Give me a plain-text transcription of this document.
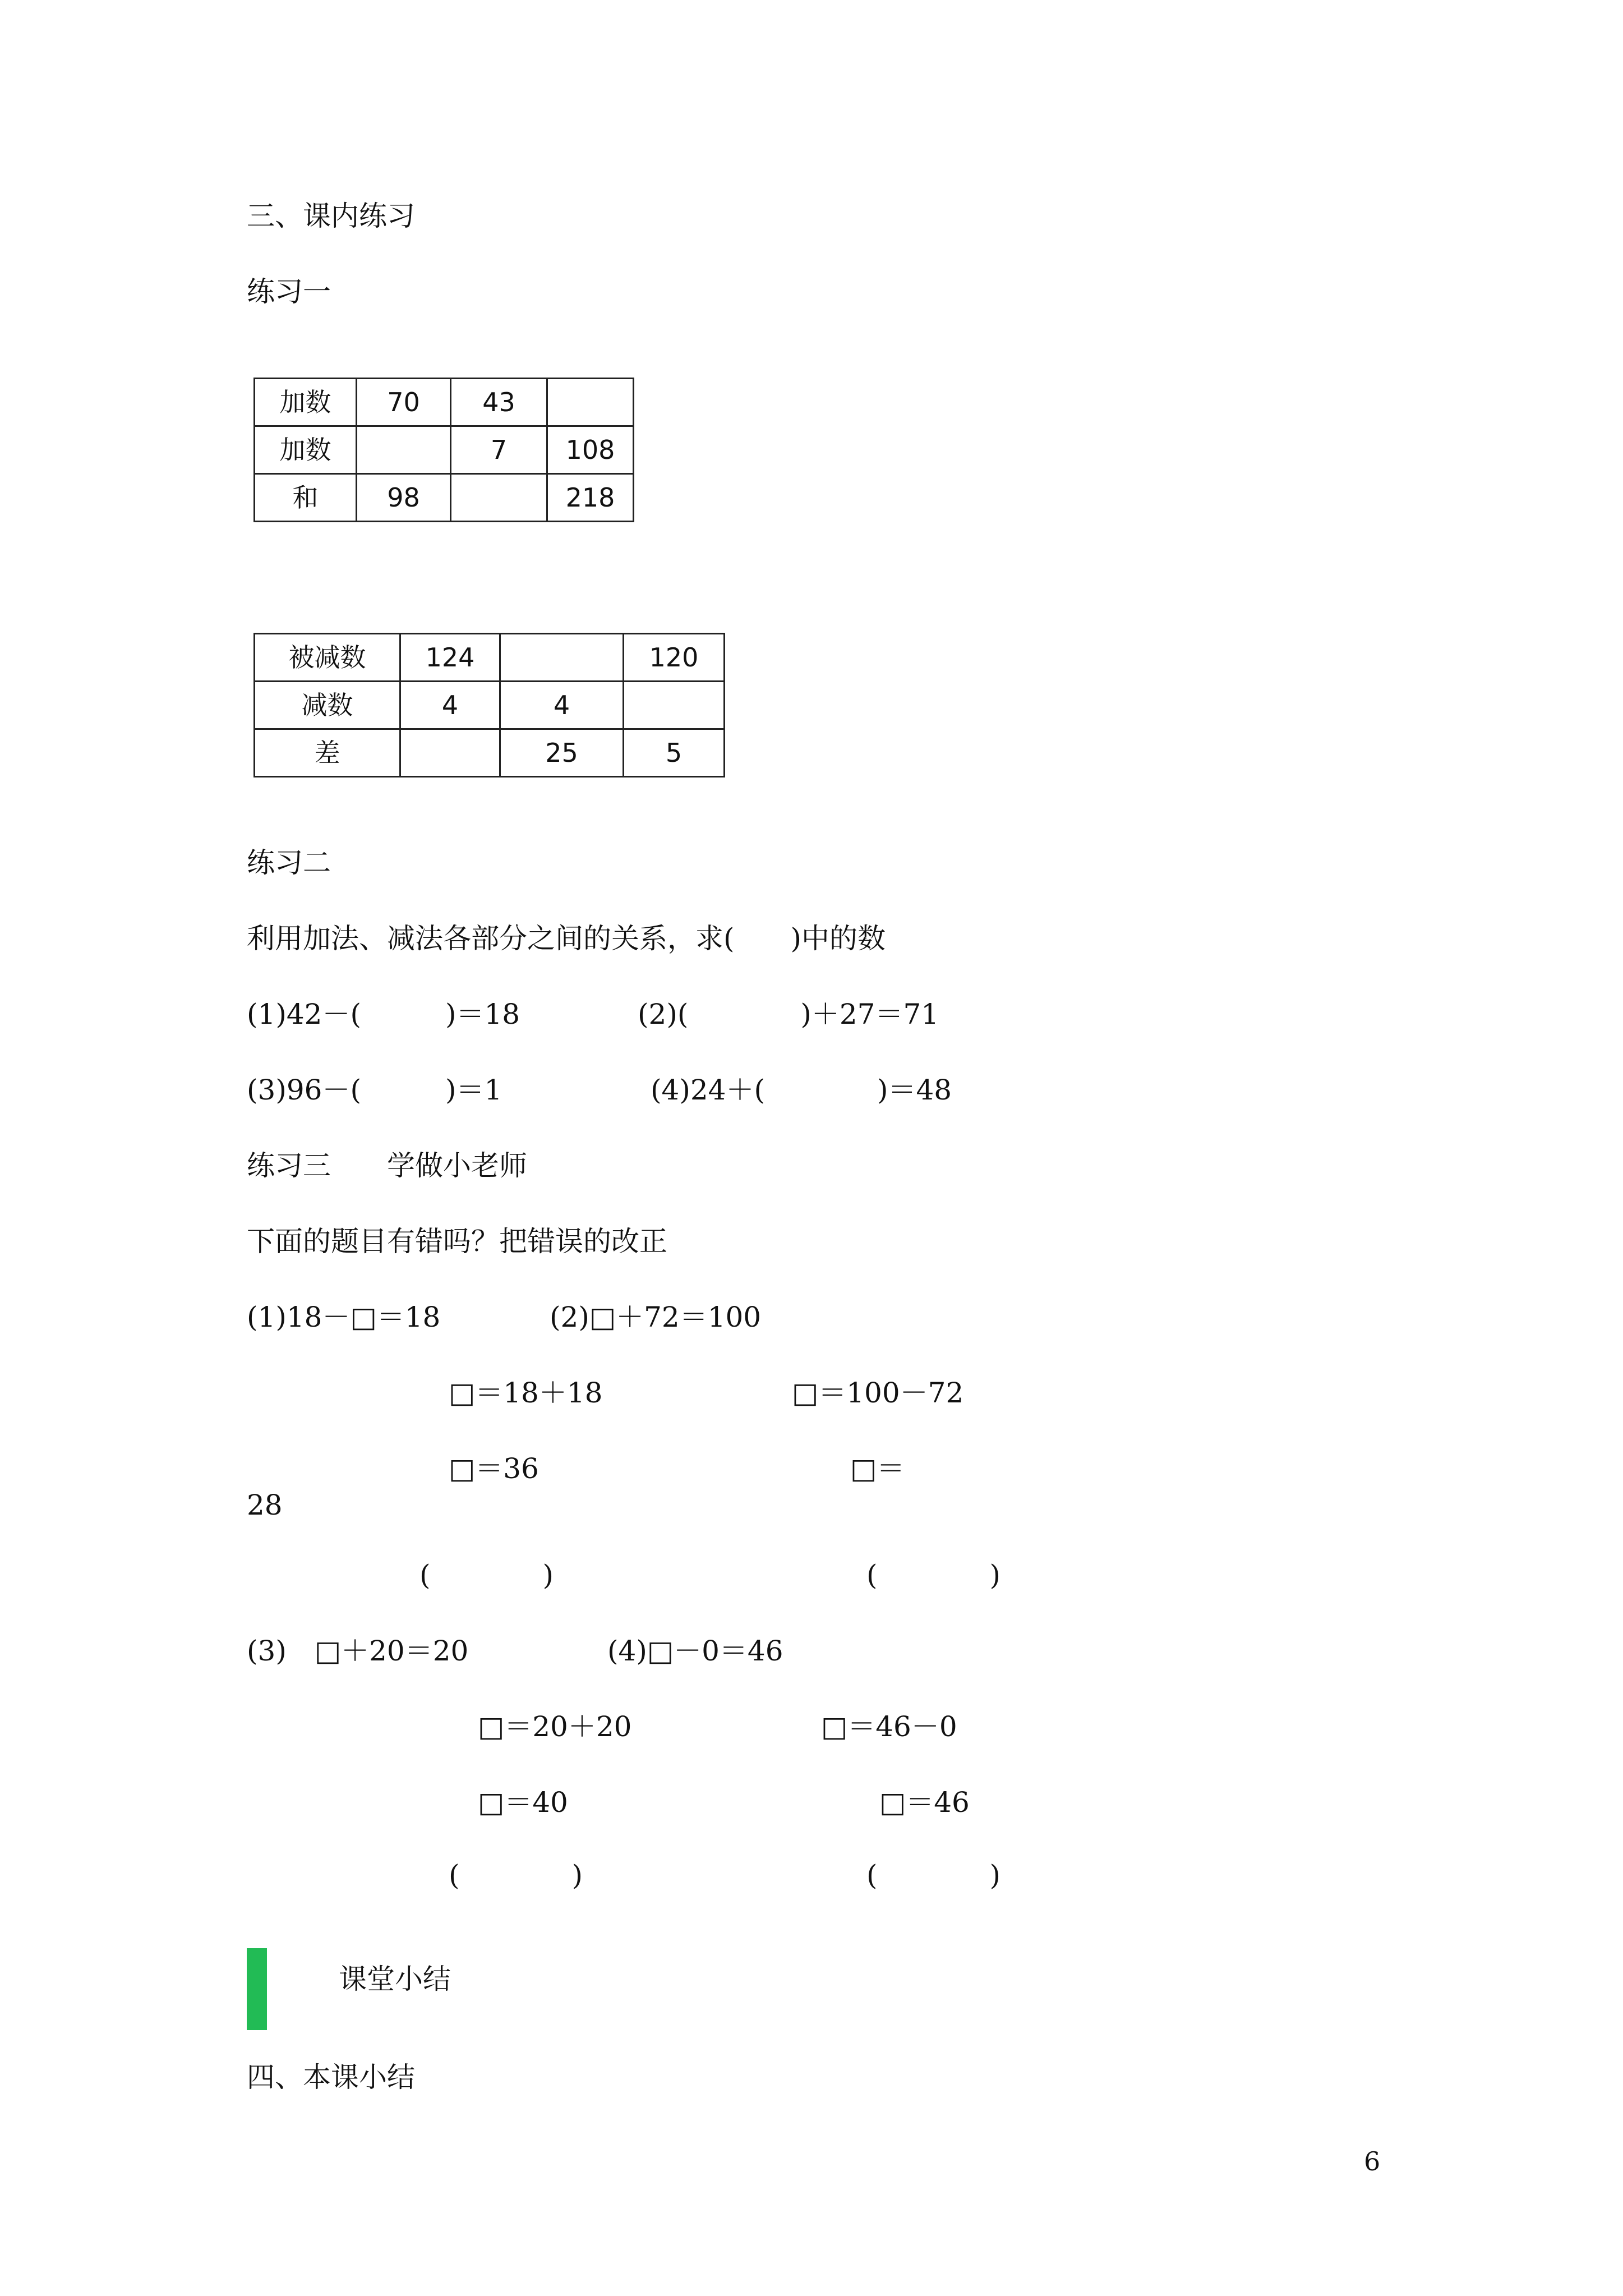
三、课内练习

练习一

加数	70	43	
加数		7	108
和	98		218
被减数	124		120
减数	4	4	
差		25	5

练习二

利用加法、减法各部分之间的关系，求(　　)中的数

(1)42－(　　　)＝18	(2)(　　　　)＋27＝71

(3)96－(　　　)＝1	(4)24＋(　　　　)＝48

练习三　　学做小老师

下面的题目有错吗？把错误的改正

(1)18－□＝18	(2)□＋72＝100

□＝18＋18	□＝100－72

□＝36	□＝

28

(　　　　)	(　　　　)

(3)　□＋20＝20	(4)□－0＝46

□＝20＋20	□＝46－0

□＝40	□＝46

(　　　　)	(　　　　)

课堂小结

四、本课小结

6
